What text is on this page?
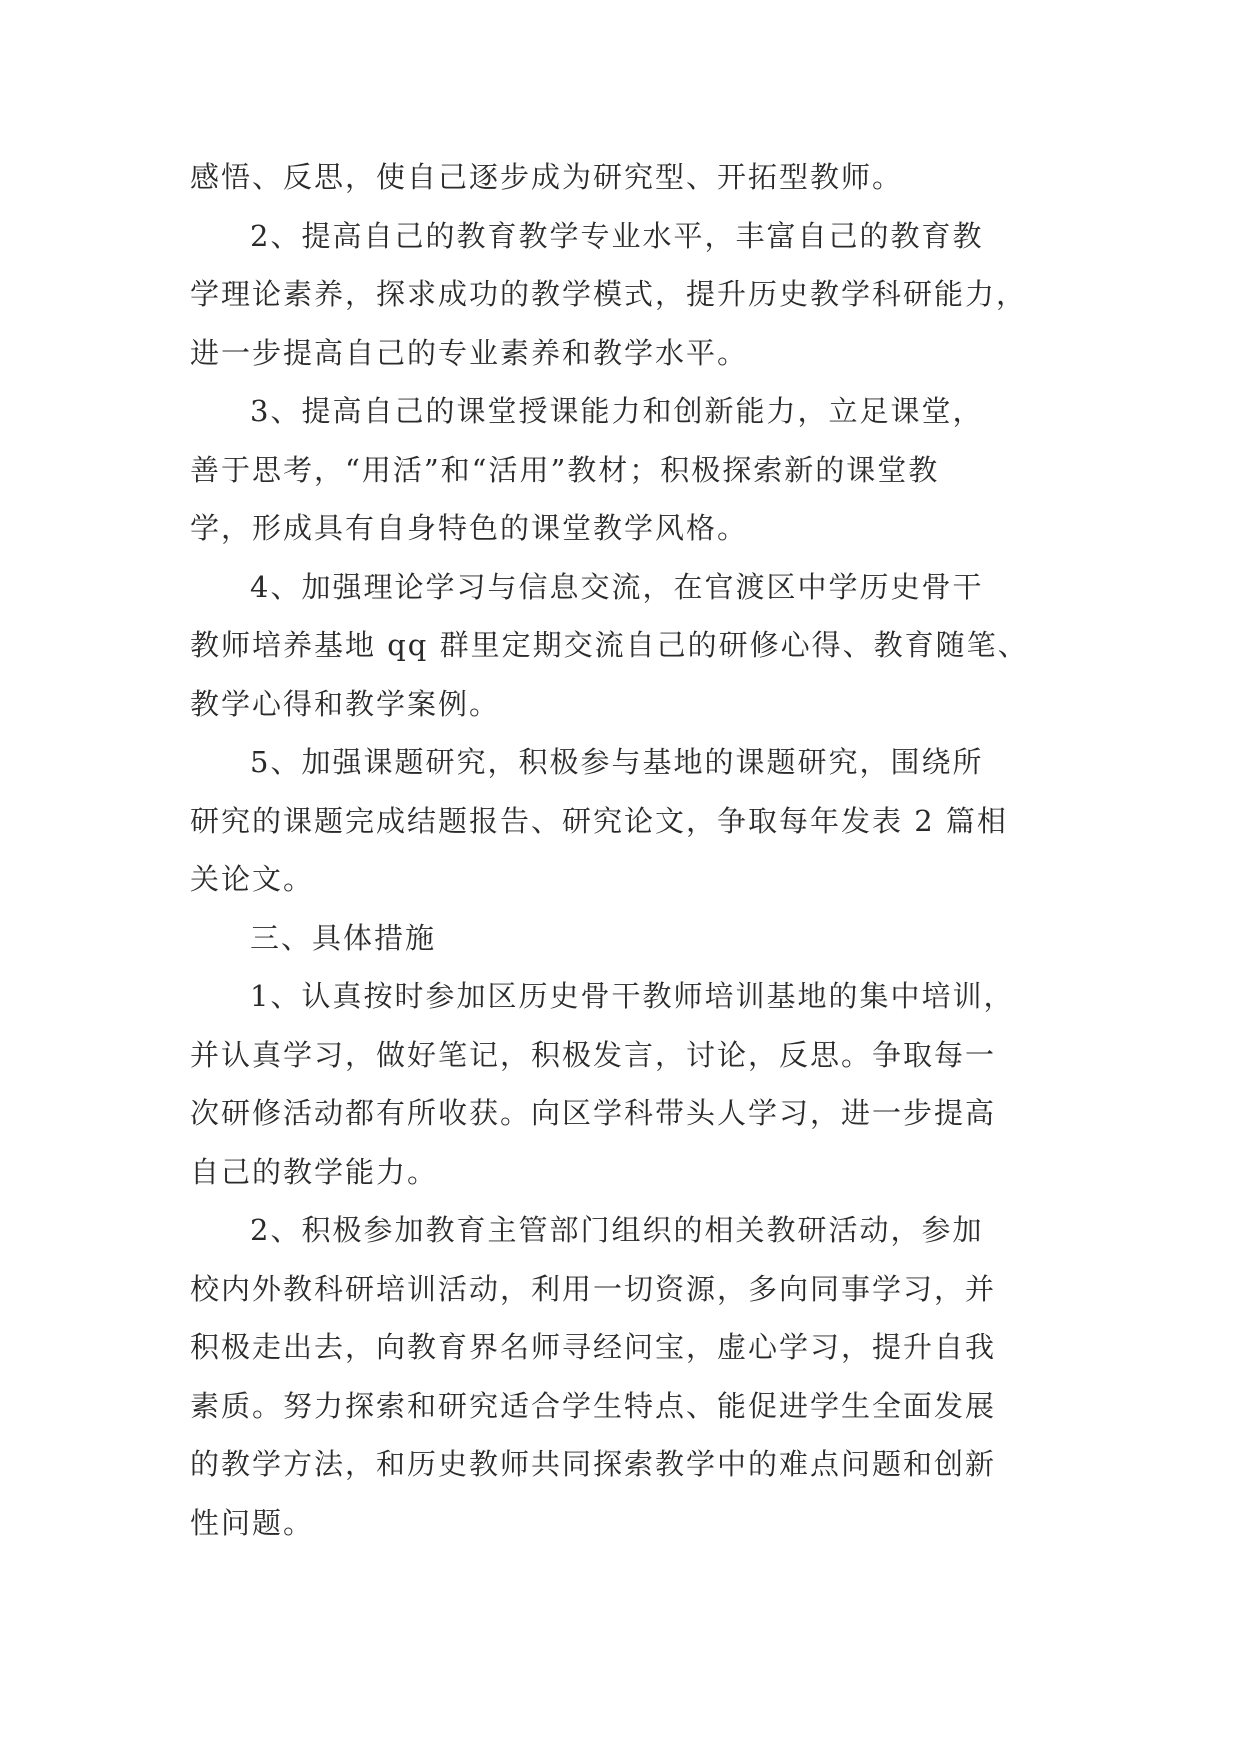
感悟、反思，使自己逐步成为研究型、开拓型教师。
2、提高自己的教育教学专业水平，丰富自己的教育教
学理论素养，探求成功的教学模式，提升历史教学科研能力，
进一步提高自己的专业素养和教学水平。
3、提高自己的课堂授课能力和创新能力，立足课堂，
善于思考，“用活”和“活用”教材；积极探索新的课堂教
学，形成具有自身特色的课堂教学风格。
4、加强理论学习与信息交流，在官渡区中学历史骨干
教师培养基地 qq 群里定期交流自己的研修心得、教育随笔、
教学心得和教学案例。
5、加强课题研究，积极参与基地的课题研究，围绕所
研究的课题完成结题报告、研究论文，争取每年发表 2 篇相
关论文。
三、具体措施
1、认真按时参加区历史骨干教师培训基地的集中培训，
并认真学习，做好笔记，积极发言，讨论，反思。争取每一
次研修活动都有所收获。向区学科带头人学习，进一步提高
自己的教学能力。
2、积极参加教育主管部门组织的相关教研活动，参加
校内外教科研培训活动，利用一切资源，多向同事学习，并
积极走出去，向教育界名师寻经问宝，虚心学习，提升自我
素质。努力探索和研究适合学生特点、能促进学生全面发展
的教学方法，和历史教师共同探索教学中的难点问题和创新
性问题。
